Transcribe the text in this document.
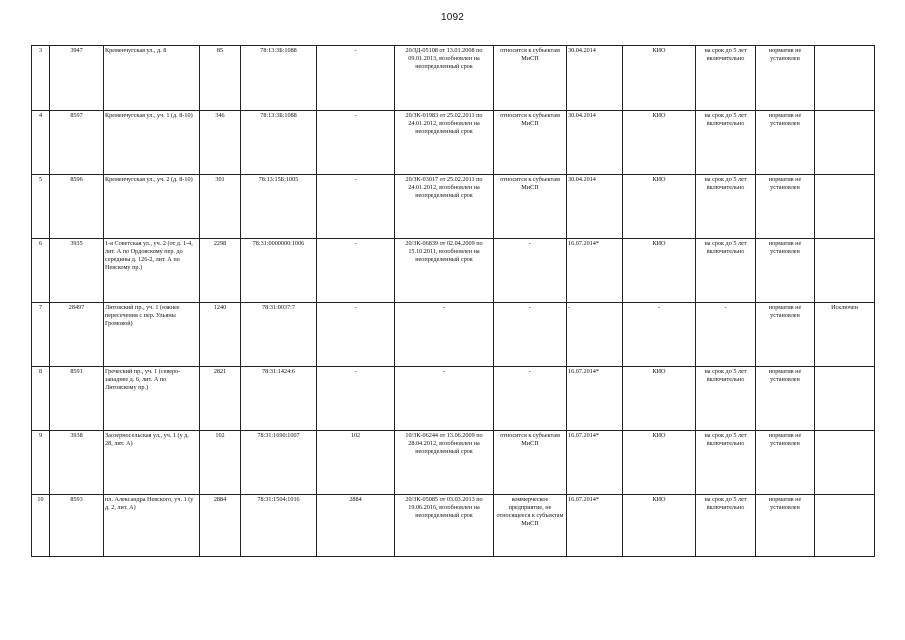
1092
3	3947	Кременчугская ул., д. 8	85	78:13:3Б:1088	-	20/ЗД-05108 от 13.01.2008 по 09.01.2013, возобновлен на неопределенный срок	относится к субъектам МиСП	30.04.2014	КИО	на срок до 5 лет включительно	норматив не установлен	
4	8597	Кременчугская ул., уч. 1 (д. 8-10)	346	78:13:3Б:1088	-	20/ЗК-01983 от 25.02.2011 по 24.01.2012, возобновлен на неопределенный срок	относится к субъектам МиСП	30.04.2014	КИО	на срок до 5 лет включительно	норматив не установлен	
5	8596	Кременчугская ул., уч. 2 (д. 8-10)	301	78:13:15Б:1005	-	20/ЗК-03017 от 25.02.2011 по 24.01.2012, возобновлен на неопределенный срок	относится к субъектам МиСП	30.04.2014	КИО	на срок до 5 лет включительно	норматив не установлен	
6	3935	1-я Советская ул., уч. 2 (от д. 1-4, лит. А по Ордовскому пер. до середины д. 126-2, лит. А по Невскому пр.)	2298	78:31:0000000:1006	-	20/ЗК-06839 от 02.04.2009 по 15.10.2011, возобновлен на неопределенный срок	-	16.07.2014*	КИО	на срок до 5 лет включительно	норматив не установлен	
7	28497	Литовский пр., уч. 1 (южнее пересечения с пер. Ульяны Громовой)	1240	78:31:0037:7	-	-	-	-	-	-	норматив не установлен	Исключен
8	8591	Греческий пр., уч. 1 (северо-западнее д. 6, лит. А по Литовскому пр.)	2821	78:31:1424:6	-	-	-	16.07.2014*	КИО	на срок до 5 лет включительно	норматив не установлен	
9	3938	Заозерносельская ул., уч. 1 (у д. 28, лит. А)	102	78:31:1690:1007	102	10/ЗК-06244 от 13.06.2009 по 28.04.2012, возобновлен на неопределенный срок	относится к субъектам МиСП	16.07.2014*	КИО	на срок до 5 лет включительно	норматив не установлен	
10	8593	пл. Александра Невского, уч. 1 (у д. 2, лит. А)	2884	78:31:1504:1016	2884	20/ЗК-05085 от 03.03.2013 по 19.06.2016, возобновлен на неопределенный срок	коммерческое предприятие, не относящееся к субъектам МиСП	16.07.2014*	КИО	на срок до 5 лет включительно	норматив не установлен	
